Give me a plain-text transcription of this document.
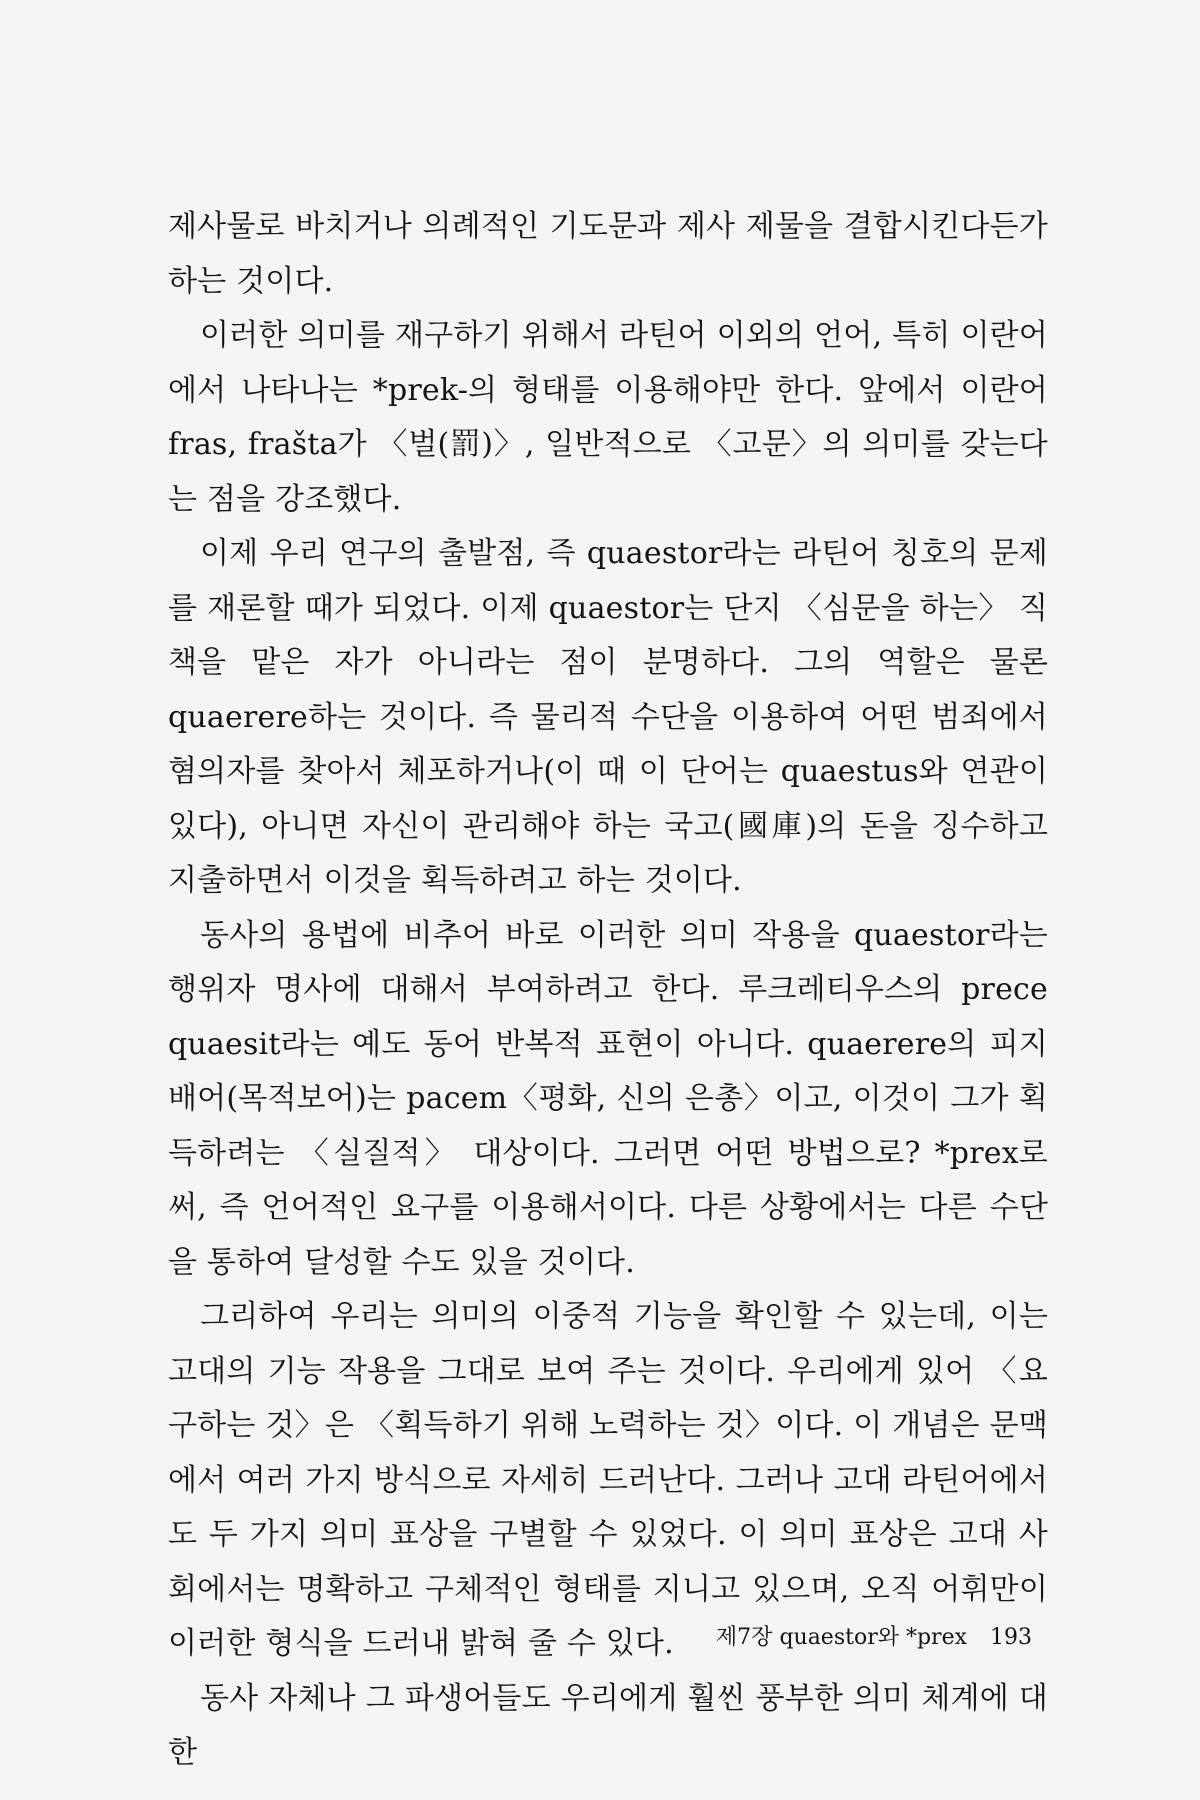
제사물로 바치거나 의례적인 기도문과 제사 제물을 결합시킨다든가 하는 것이다.

이러한 의미를 재구하기 위해서 라틴어 이외의 언어, 특히 이란어에서 나타나는 *prek-의 형태를 이용해야만 한다. 앞에서 이란어 fras, frašta가 〈벌(罰)〉, 일반적으로 〈고문〉의 의미를 갖는다는 점을 강조했다.

이제 우리 연구의 출발점, 즉 quaestor라는 라틴어 칭호의 문제를 재론할 때가 되었다. 이제 quaestor는 단지 〈심문을 하는〉 직책을 맡은 자가 아니라는 점이 분명하다. 그의 역할은 물론 quaerere하는 것이다. 즉 물리적 수단을 이용하여 어떤 범죄에서 혐의자를 찾아서 체포하거나(이 때 이 단어는 quaestus와 연관이 있다), 아니면 자신이 관리해야 하는 국고(國庫)의 돈을 징수하고 지출하면서 이것을 획득하려고 하는 것이다.

동사의 용법에 비추어 바로 이러한 의미 작용을 quaestor라는 행위자 명사에 대해서 부여하려고 한다. 루크레티우스의 prece quaesit라는 예도 동어 반복적 표현이 아니다. quaerere의 피지배어(목적보어)는 pacem〈평화, 신의 은총〉이고, 이것이 그가 획득하려는 〈실질적〉 대상이다. 그러면 어떤 방법으로? *prex로써, 즉 언어적인 요구를 이용해서이다. 다른 상황에서는 다른 수단을 통하여 달성할 수도 있을 것이다.

그리하여 우리는 의미의 이중적 기능을 확인할 수 있는데, 이는 고대의 기능 작용을 그대로 보여 주는 것이다. 우리에게 있어 〈요구하는 것〉은 〈획득하기 위해 노력하는 것〉이다. 이 개념은 문맥에서 여러 가지 방식으로 자세히 드러난다. 그러나 고대 라틴어에서도 두 가지 의미 표상을 구별할 수 있었다. 이 의미 표상은 고대 사회에서는 명확하고 구체적인 형태를 지니고 있으며, 오직 어휘만이 이러한 형식을 드러내 밝혀 줄 수 있다.

동사 자체나 그 파생어들도 우리에게 훨씬 풍부한 의미 체계에 대한

제7장 quaestor와 *prex 193
